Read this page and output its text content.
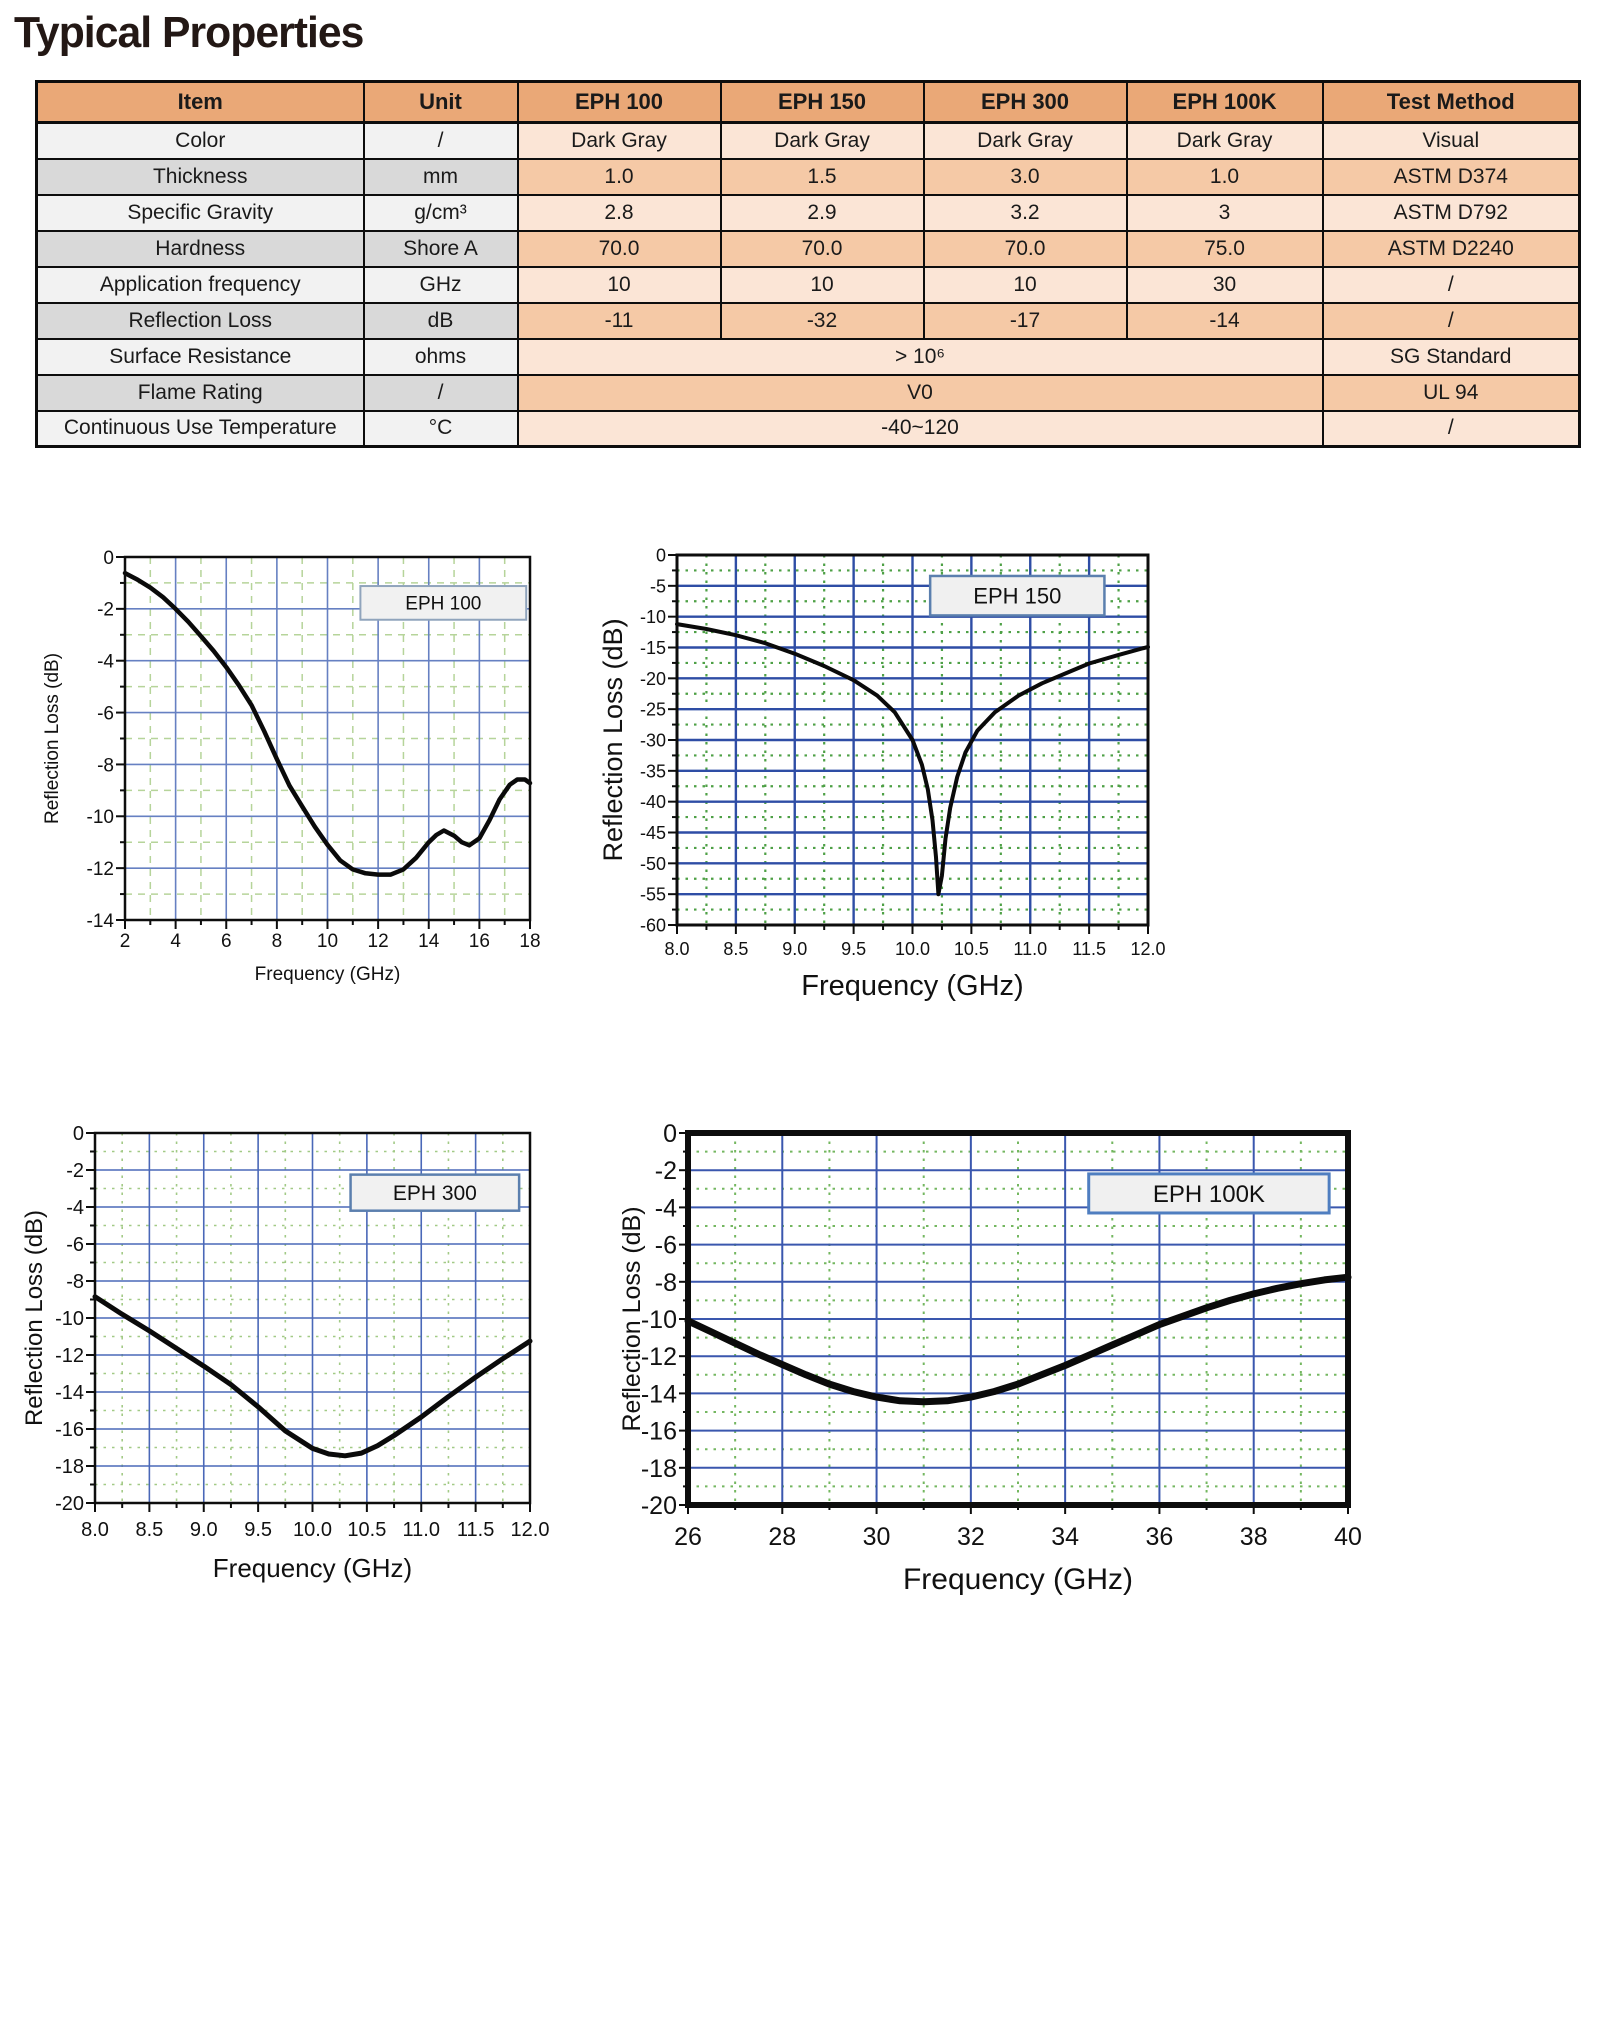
Typical Properties
Item	Unit	EPH 100	EPH 150	EPH 300	EPH 100K	Test Method
Color	/	Dark Gray	Dark Gray	Dark Gray	Dark Gray	Visual
Thickness	mm	1.0	1.5	3.0	1.0	ASTM D374
Specific Gravity	g/cm³	2.8	2.9	3.2	3	ASTM D792
Hardness	Shore A	70.0	70.0	70.0	75.0	ASTM D2240
Application frequency	GHz	10	10	10	30	/
Reflection Loss	dB	-11	-32	-17	-14	/
Surface Resistance	ohms	> 10⁶				SG Standard
Flame Rating	/	V0				UL 94
Continuous Use Temperature	°C	-40~120				/
2 4 6 8 10 12 14 16 18
-14
-12
-10
-8
-6
-4
-2
0
Frequency (GHz)
Reflection Loss (dB)
EPH 100
8.0 8.5 9.0 9.5 10.0 10.5 11.0 11.5 12.0
-60
-55
-50
-45
-40
-35
-30
-25
-20
-15
-10
-5
0
Frequency (GHz)
Reflection Loss (dB)
EPH 150
8.0 8.5 9.0 9.5 10.0 10.5 11.0 11.5 12.0
-20
-18
-16
-14
-12
-10
-8
-6
-4
-2
0
Frequency (GHz)
Reflection Loss (dB)
EPH 300
26	28	30	32	34	36	38	40
-20
-18
-16
-14
-12
-10
-8
-6
-4
-2
0
Frequency (GHz)
Reflection Loss (dB)
EPH 100K
